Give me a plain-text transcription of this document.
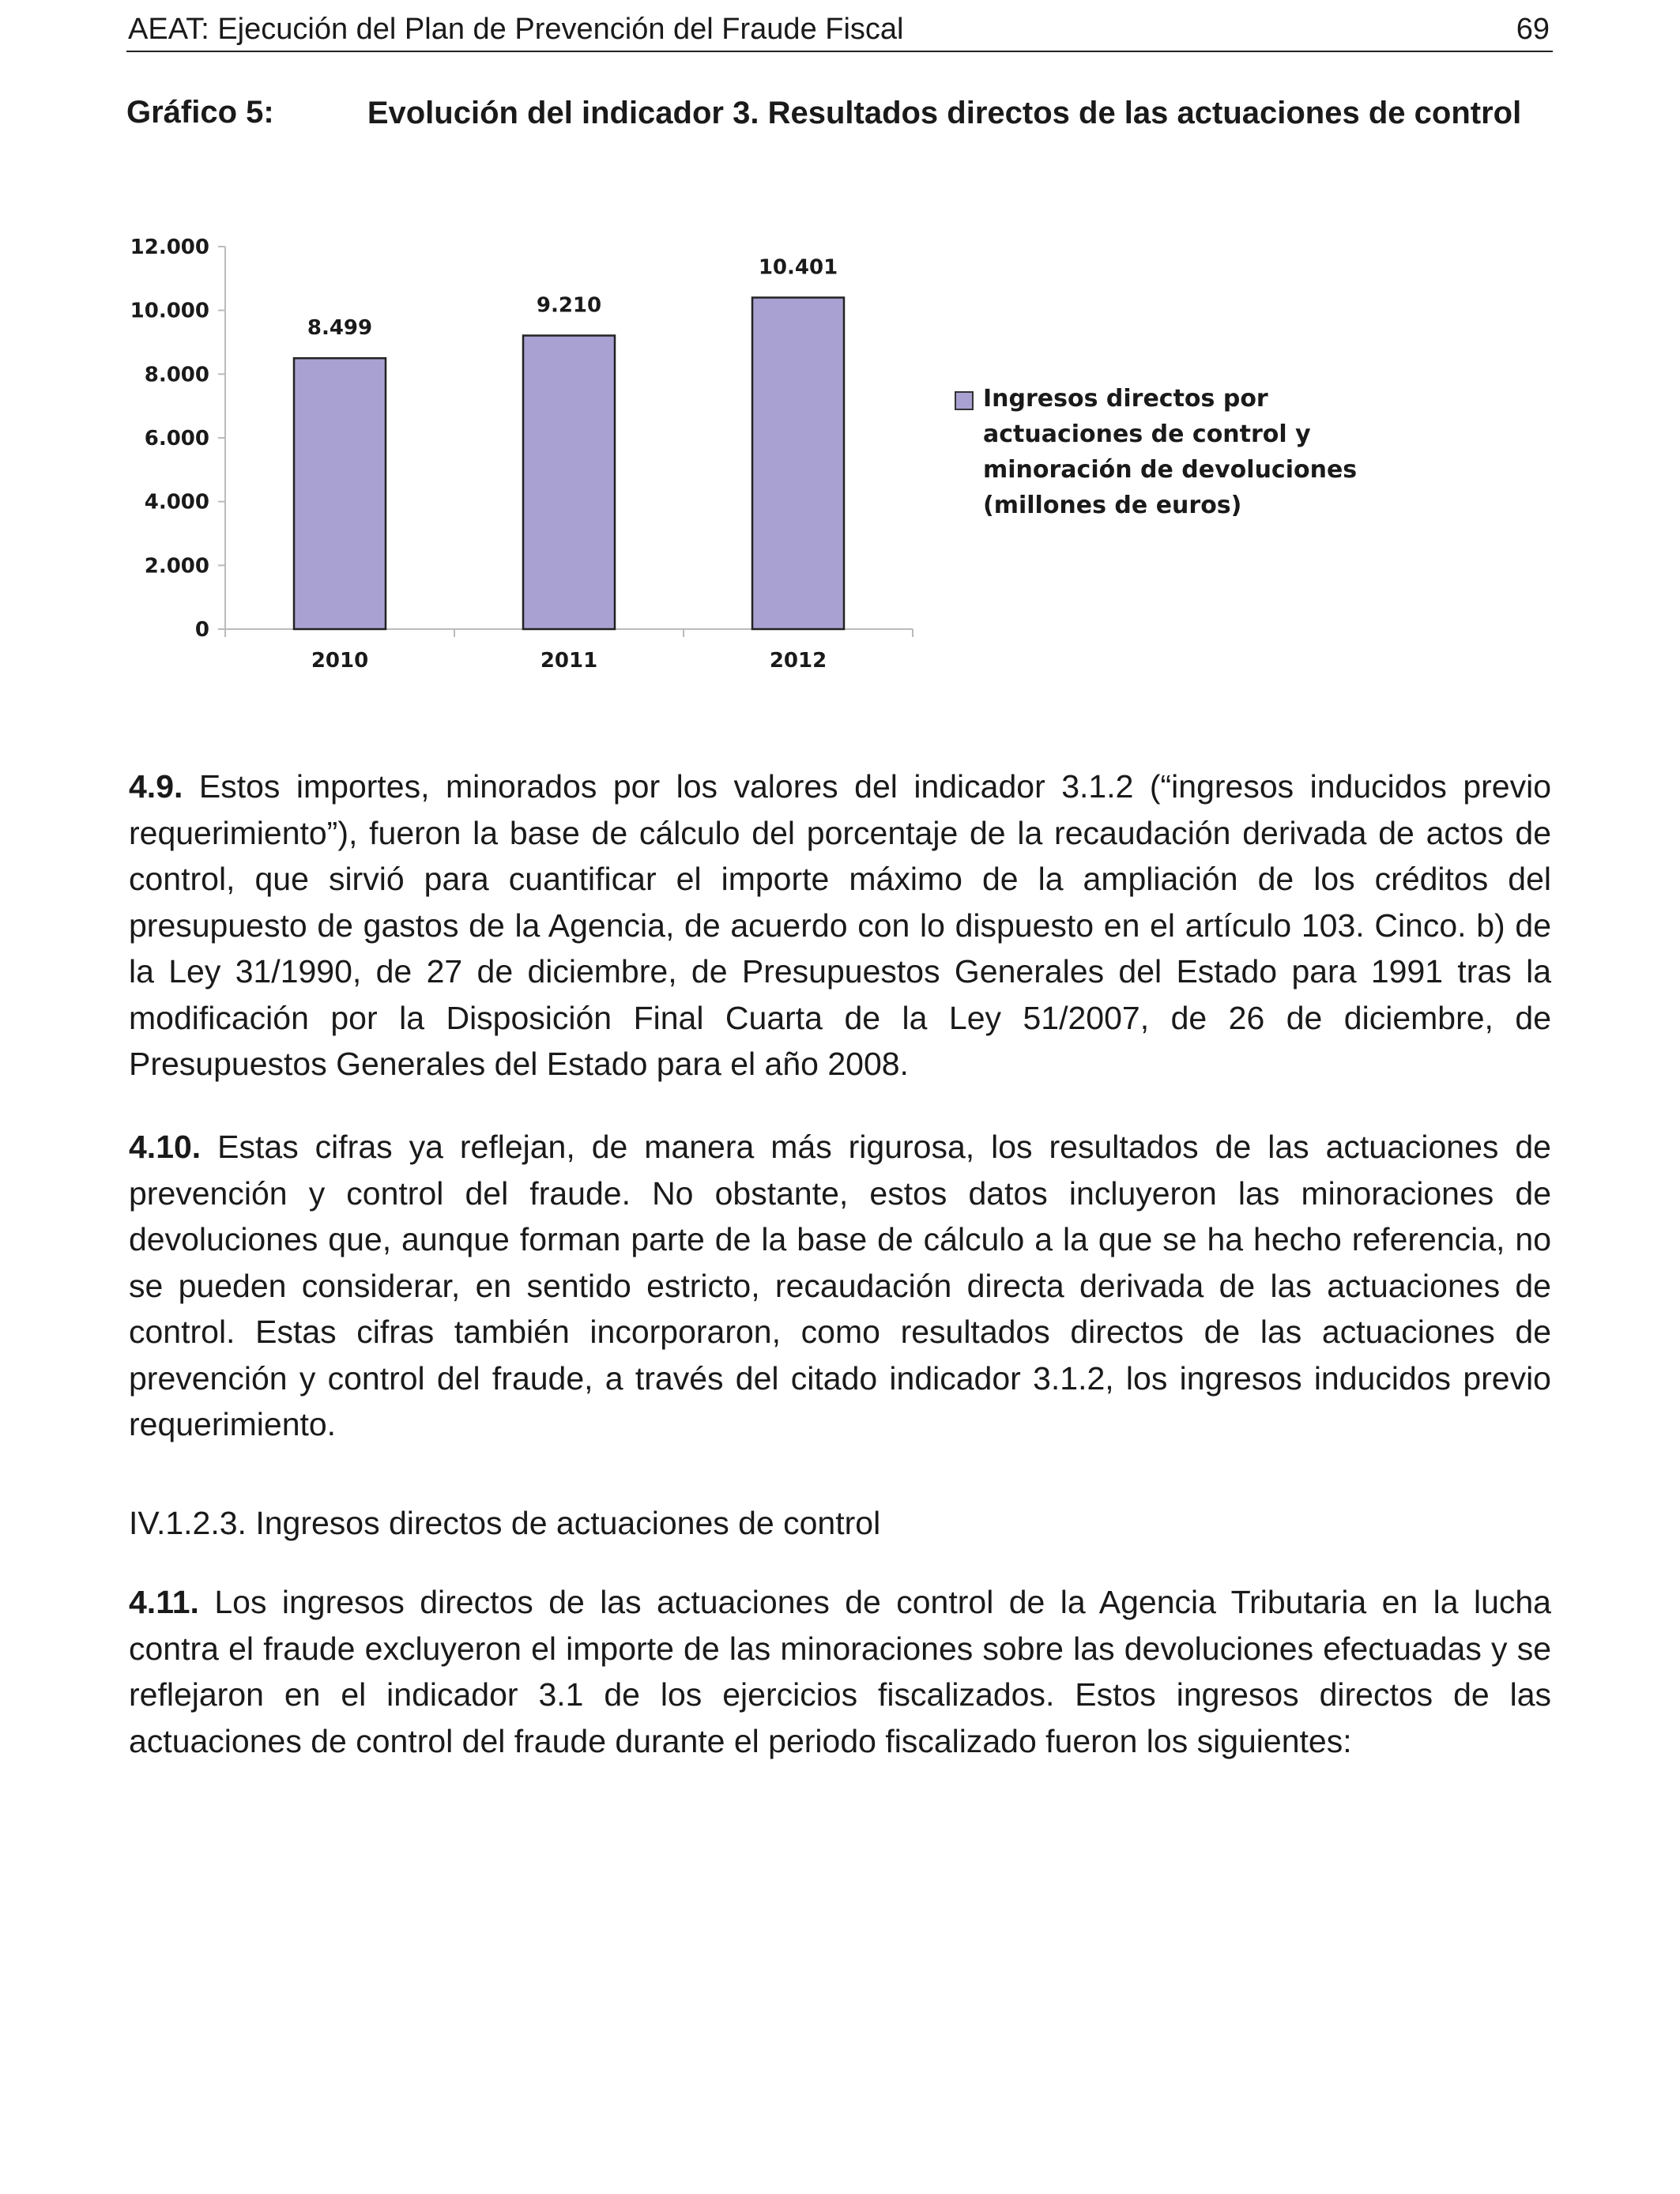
AEAT: Ejecución del Plan de Prevención del Fraude Fiscal	69
Gráfico 5:	Evolución del indicador 3. Resultados directos de las actuaciones de control
0
2.000
4.000
6.000
8.000
10.000
12.000
8.499
2010
9.210
2011
10.401
2012
Ingresos directos por
actuaciones de control y
minoración de devoluciones
(millones de euros)

4.9. Estos importes, minorados por los valores del indicador 3.1.2 (“ingresos inducidos previo requerimiento”), fueron la base de cálculo del porcentaje de la recaudación derivada de actos de control, que sirvió para cuantificar el importe máximo de la ampliación de los créditos del presupuesto de gastos de la Agencia, de acuerdo con lo dispuesto en el artículo 103. Cinco. b) de la Ley 31/1990, de 27 de diciembre, de Presupuestos Generales del Estado para 1991 tras la modificación por la Disposición Final Cuarta de la Ley 51/2007, de 26 de diciembre, de Presupuestos Generales del Estado para el año 2008.

4.10. Estas cifras ya reflejan, de manera más rigurosa, los resultados de las actuaciones de prevención y control del fraude. No obstante, estos datos incluyeron las minoraciones de devoluciones que, aunque forman parte de la base de cálculo a la que se ha hecho referencia, no se pueden considerar, en sentido estricto, recaudación directa derivada de las actuaciones de control. Estas cifras también incorporaron, como resultados directos de las actuaciones de prevención y control del fraude, a través del citado indicador 3.1.2, los ingresos inducidos previo requerimiento.

IV.1.2.3. Ingresos directos de actuaciones de control

4.11. Los ingresos directos de las actuaciones de control de la Agencia Tributaria en la lucha contra el fraude excluyeron el importe de las minoraciones sobre las devoluciones efectuadas y se reflejaron en el indicador 3.1 de los ejercicios fiscalizados. Estos ingresos directos de las actuaciones de control del fraude durante el periodo fiscalizado fueron los siguientes:
